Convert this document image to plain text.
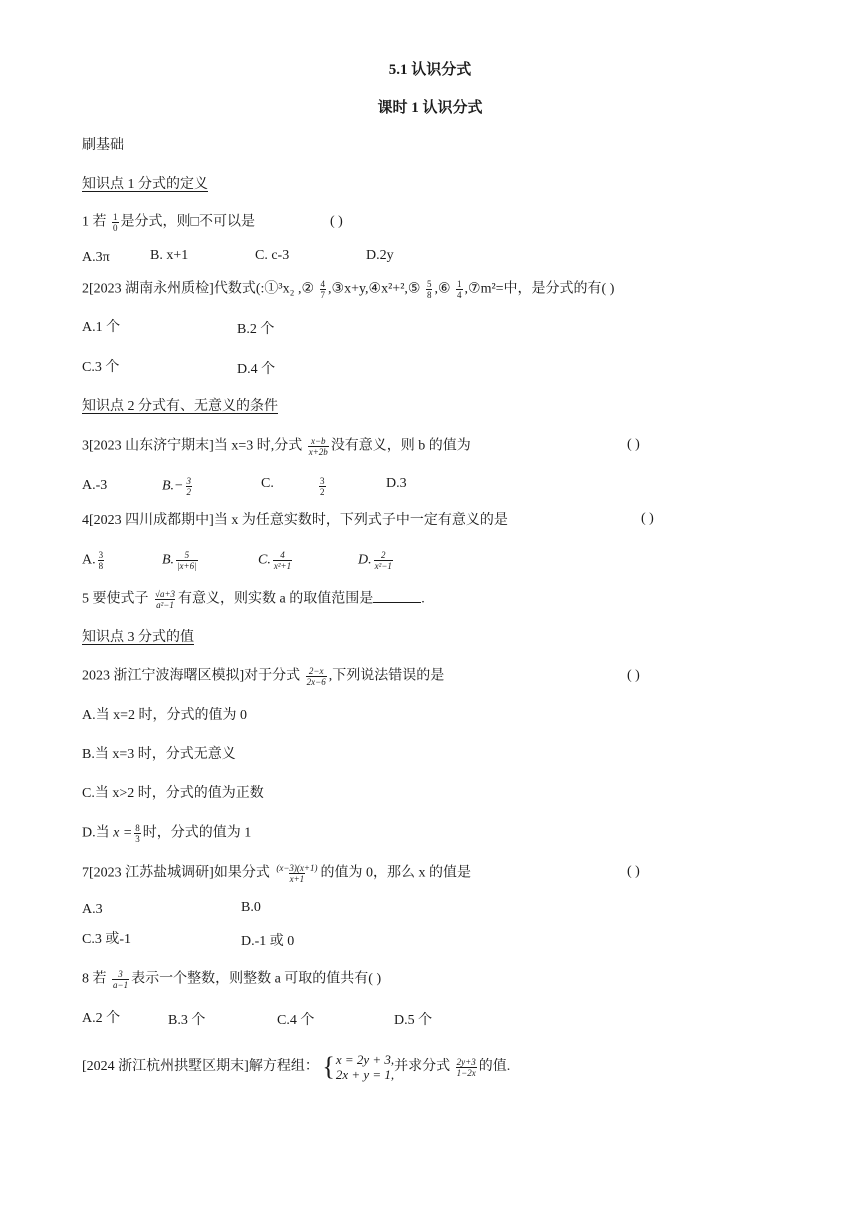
5.1 认识分式
课时 1 认识分式
刷基础
知识点 1 分式的定义
1 若 $\frac{1}{0}$ 是分式，则□不可以是	( )
A.3π	B. x+1	C. c-3	D.2y
2[2023 湖南永州质检]代数式(:①³x₂ ,② $\frac{4}{7}$ ,③x+y,④x²+²,⑤ $\frac{5}{8}$ ,⑥ $\frac{1}{4}$ ,⑦m²=中，是分式的有( )
A.1 个	B.2 个
C.3 个	D.4 个
知识点 2 分式有、无意义的条件
3[2023 山东济宁期末]当 x=3 时,分式 $\frac{x-b}{x+2b}$ 没有意义，则 b 的值为	( )
A.-3	$B.- \frac{3}{2}$	C.	$\frac{3}{2}$	D.3
4[2023 四川成都期中]当 x 为任意实数时，下列式子中一定有意义的是	( )
A. $\frac{3}{8}$	B. $\frac{5}{|x+6|}$	C. $\frac{4}{\text{x²+1}}$	D. $\frac{2}{\text{x²−1}}$
5 要使式子 $\frac{√a+3}{\text{a²−1}}$ 有意义，则实数 a 的取值范围是	.
知识点 3 分式的值
2023 浙江宁波海曙区模拟]对于分式 $\frac{2-x}{2x-6}$ ,下列说法错误的是	( )
A.当 x=2 时，分式的值为 0
B.当 x=3 时，分式无意义
C.当 x>2 时，分式的值为正数
D.当 $x = \frac{8}{3}$ 时，分式的值为 1
7[2023 江苏盐城调研]如果分式 $\frac{(x-3)(x+1)}{x+1}$ 的值为 0，那么 x 的值是	( )
A.3	B.0
C.3 或-1	D.-1 或 0
8 若 $\frac{3}{a-1}$ 表示一个整数，则整数 a 可取的值共有( )
A.2 个	B.3 个	C.4 个	D.5 个
[2024 浙江杭州拱墅区期末]解方程组： { x = 2y + 3,
2x + y = 1,
并求分式 $\frac{2y+3}{1-2x}$ 的值.
